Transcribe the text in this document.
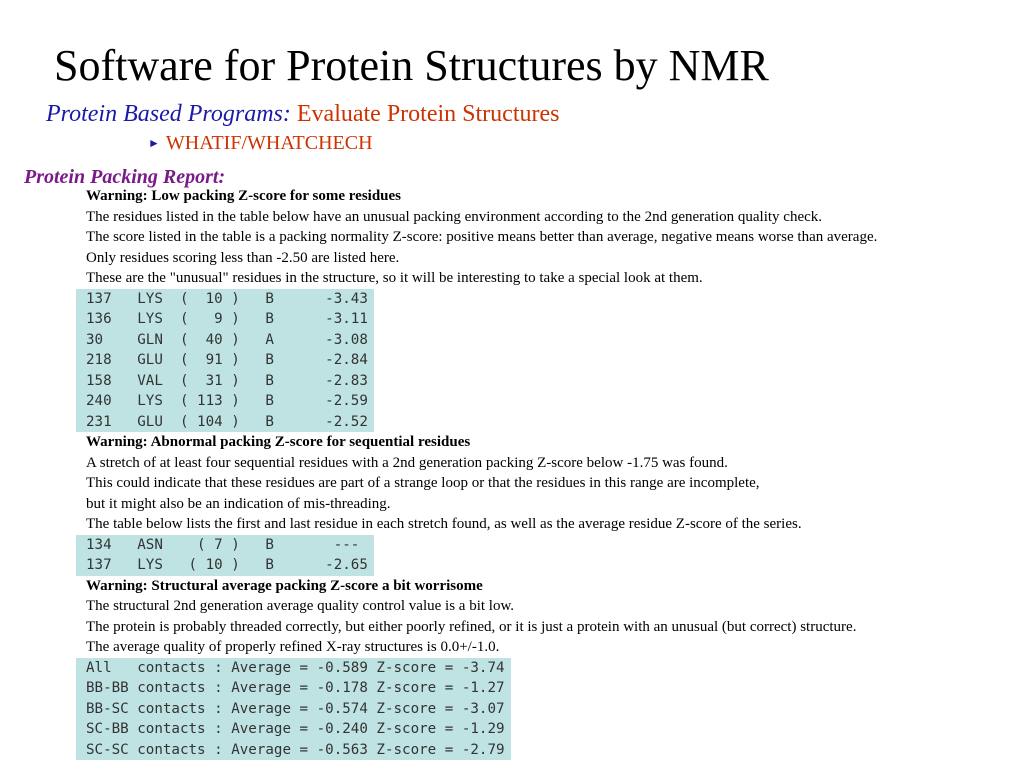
Software for Protein Structures by NMR
Protein Based Programs: Evaluate Protein Structures
► WHATIF/WHATCHECH
Protein Packing Report:
Warning: Low packing Z-score for some residues
The residues listed in the table below have an unusual packing environment according to the 2nd generation quality check.
The score listed in the table is a packing normality Z-score: positive means better than average, negative means worse than average.
Only residues scoring less than -2.50 are listed here.
These are the "unusual" residues in the structure, so it will be interesting to take a special look at them.
137   LYS  (  10 )   B      -3.43
136   LYS  (   9 )   B      -3.11
30    GLN  (  40 )   A      -3.08
218   GLU  (  91 )   B      -2.84
158   VAL  (  31 )   B      -2.83
240   LYS  ( 113 )   B      -2.59
231   GLU  ( 104 )   B      -2.52
Warning: Abnormal packing Z-score for sequential residues
A stretch of at least four sequential residues with a 2nd generation packing Z-score below -1.75 was found.
This could indicate that these residues are part of a strange loop or that the residues in this range are incomplete,
but it might also be an indication of mis-threading.
The table below lists the first and last residue in each stretch found, as well as the average residue Z-score of the series.
134   ASN    ( 7 )   B       ---
137   LYS   ( 10 )   B      -2.65
Warning: Structural average packing Z-score a bit worrisome
The structural 2nd generation average quality control value is a bit low.
The protein is probably threaded correctly, but either poorly refined, or it is just a protein with an unusual (but correct) structure.
The average quality of properly refined X-ray structures is 0.0+/-1.0.
All   contacts : Average = -0.589 Z-score = -3.74
BB-BB contacts : Average = -0.178 Z-score = -1.27
BB-SC contacts : Average = -0.574 Z-score = -3.07
SC-BB contacts : Average = -0.240 Z-score = -1.29
SC-SC contacts : Average = -0.563 Z-score = -2.79
